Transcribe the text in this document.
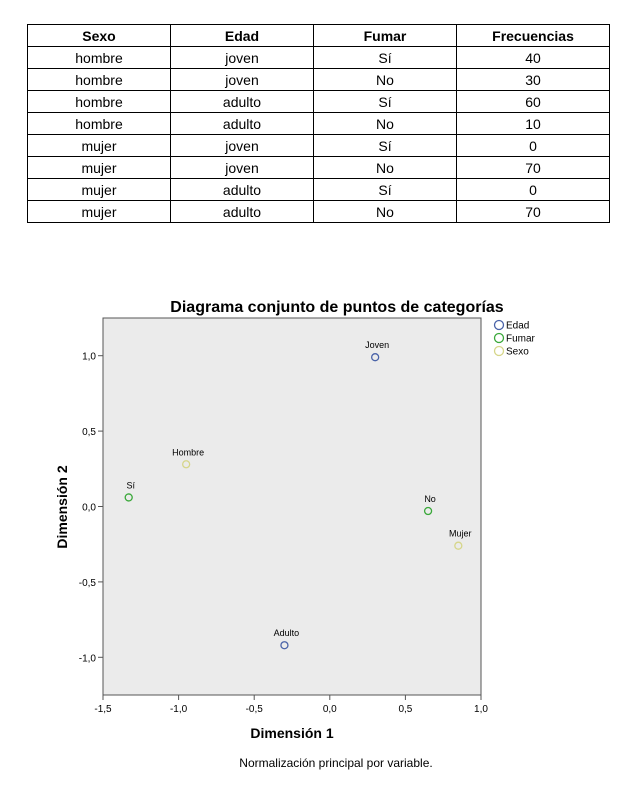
Sexo	Edad	Fumar	Frecuencias
hombre	joven	Sí	40
hombre	joven	No	30
hombre	adulto	Sí	60
hombre	adulto	No	10
mujer	joven	Sí	0
mujer	joven	No	70
mujer	adulto	Sí	0
mujer	adulto	No	70
Diagrama conjunto de puntos de categorías
-1,5	-1,0	-0,5	0,0	0,5	1,0
-1,0
-0,5
0,0
0,5
1,0
Joven
Adulto
Sí
No
Hombre
Mujer
Edad
Fumar
Sexo
Dimensión 1
Dimensión 2
Normalización principal por variable.
